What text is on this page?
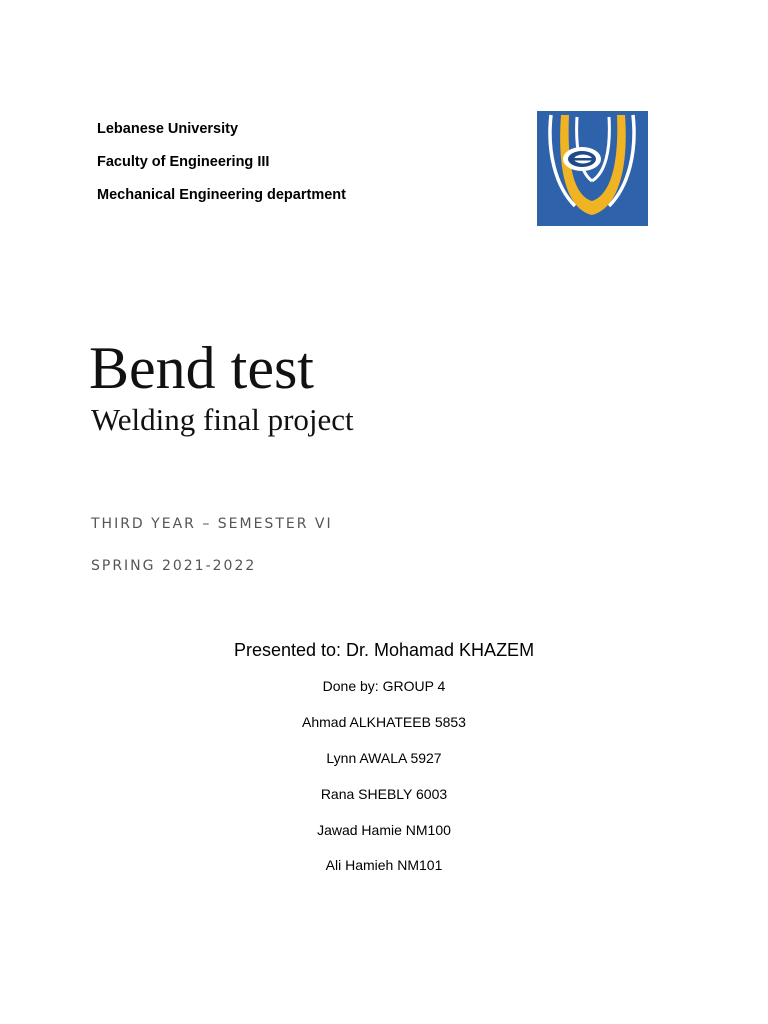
Lebanese University
Faculty of Engineering III
Mechanical Engineering department
Bend test
Welding final project
THIRD YEAR – SEMESTER VI
SPRING 2021-2022
Presented to: Dr. Mohamad KHAZEM
Done by: GROUP 4
Ahmad ALKHATEEB 5853
Lynn AWALA 5927
Rana SHEBLY 6003
Jawad Hamie NM100
Ali Hamieh NM101
